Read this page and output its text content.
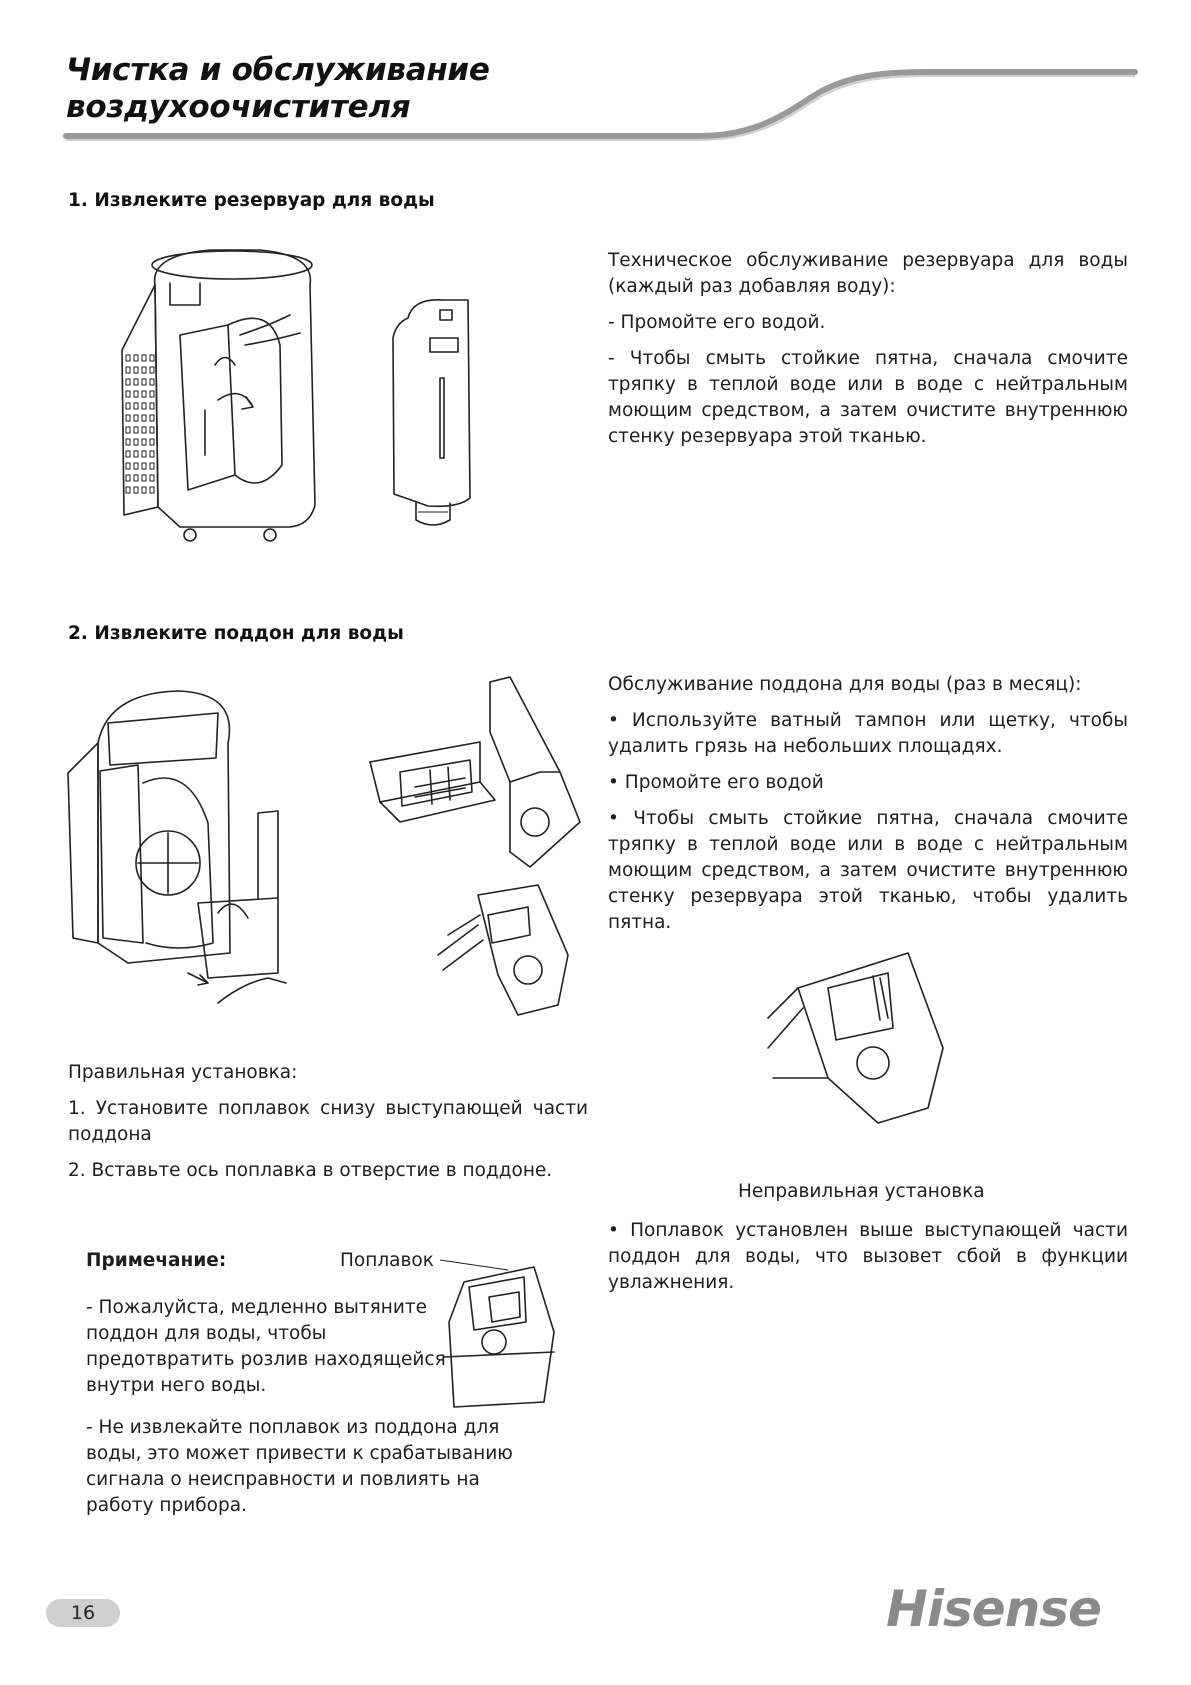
Чистка и обслуживание
воздухоочистителя
1. Извлеките резервуар для воды

Техническое обслуживание резервуара для воды (каждый раз добавляя воду):

- Промойте его водой.

- Чтобы смыть стойкие пятна, сначала смочите тряпку в теплой воде или в воде с нейтральным моющим средством, а затем очистите внутреннюю стенку резервуара этой тканью.

2. Извлеките поддон для воды

Обслуживание поддона для воды (раз в месяц):

• Используйте ватный тампон или щетку, чтобы удалить грязь на небольших площадях.

• Промойте его водой

• Чтобы смыть стойкие пятна, сначала смочите тряпку в теплой воде или в воде с нейтральным моющим средством, а затем очистите внутреннюю стенку резервуара этой тканью, чтобы удалить пятна.

Неправильная установка

• Поплавок установлен выше выступающей части поддон для воды, что вызовет сбой в функции увлажнения.

Правильная установка:

1. Установите поплавок снизу выступающей части поддона

2. Вставьте ось поплавка в отверстие в поддоне.

Примечание:	Поплавок

- Пожалуйста, медленно вытяните поддон для воды, чтобы предотвратить розлив находящейся внутри него воды.

- Не извлекайте поплавок из поддона для воды, это может привести к срабатыванию сигнала о неисправности и повлиять на работу прибора.

16	Hisense
